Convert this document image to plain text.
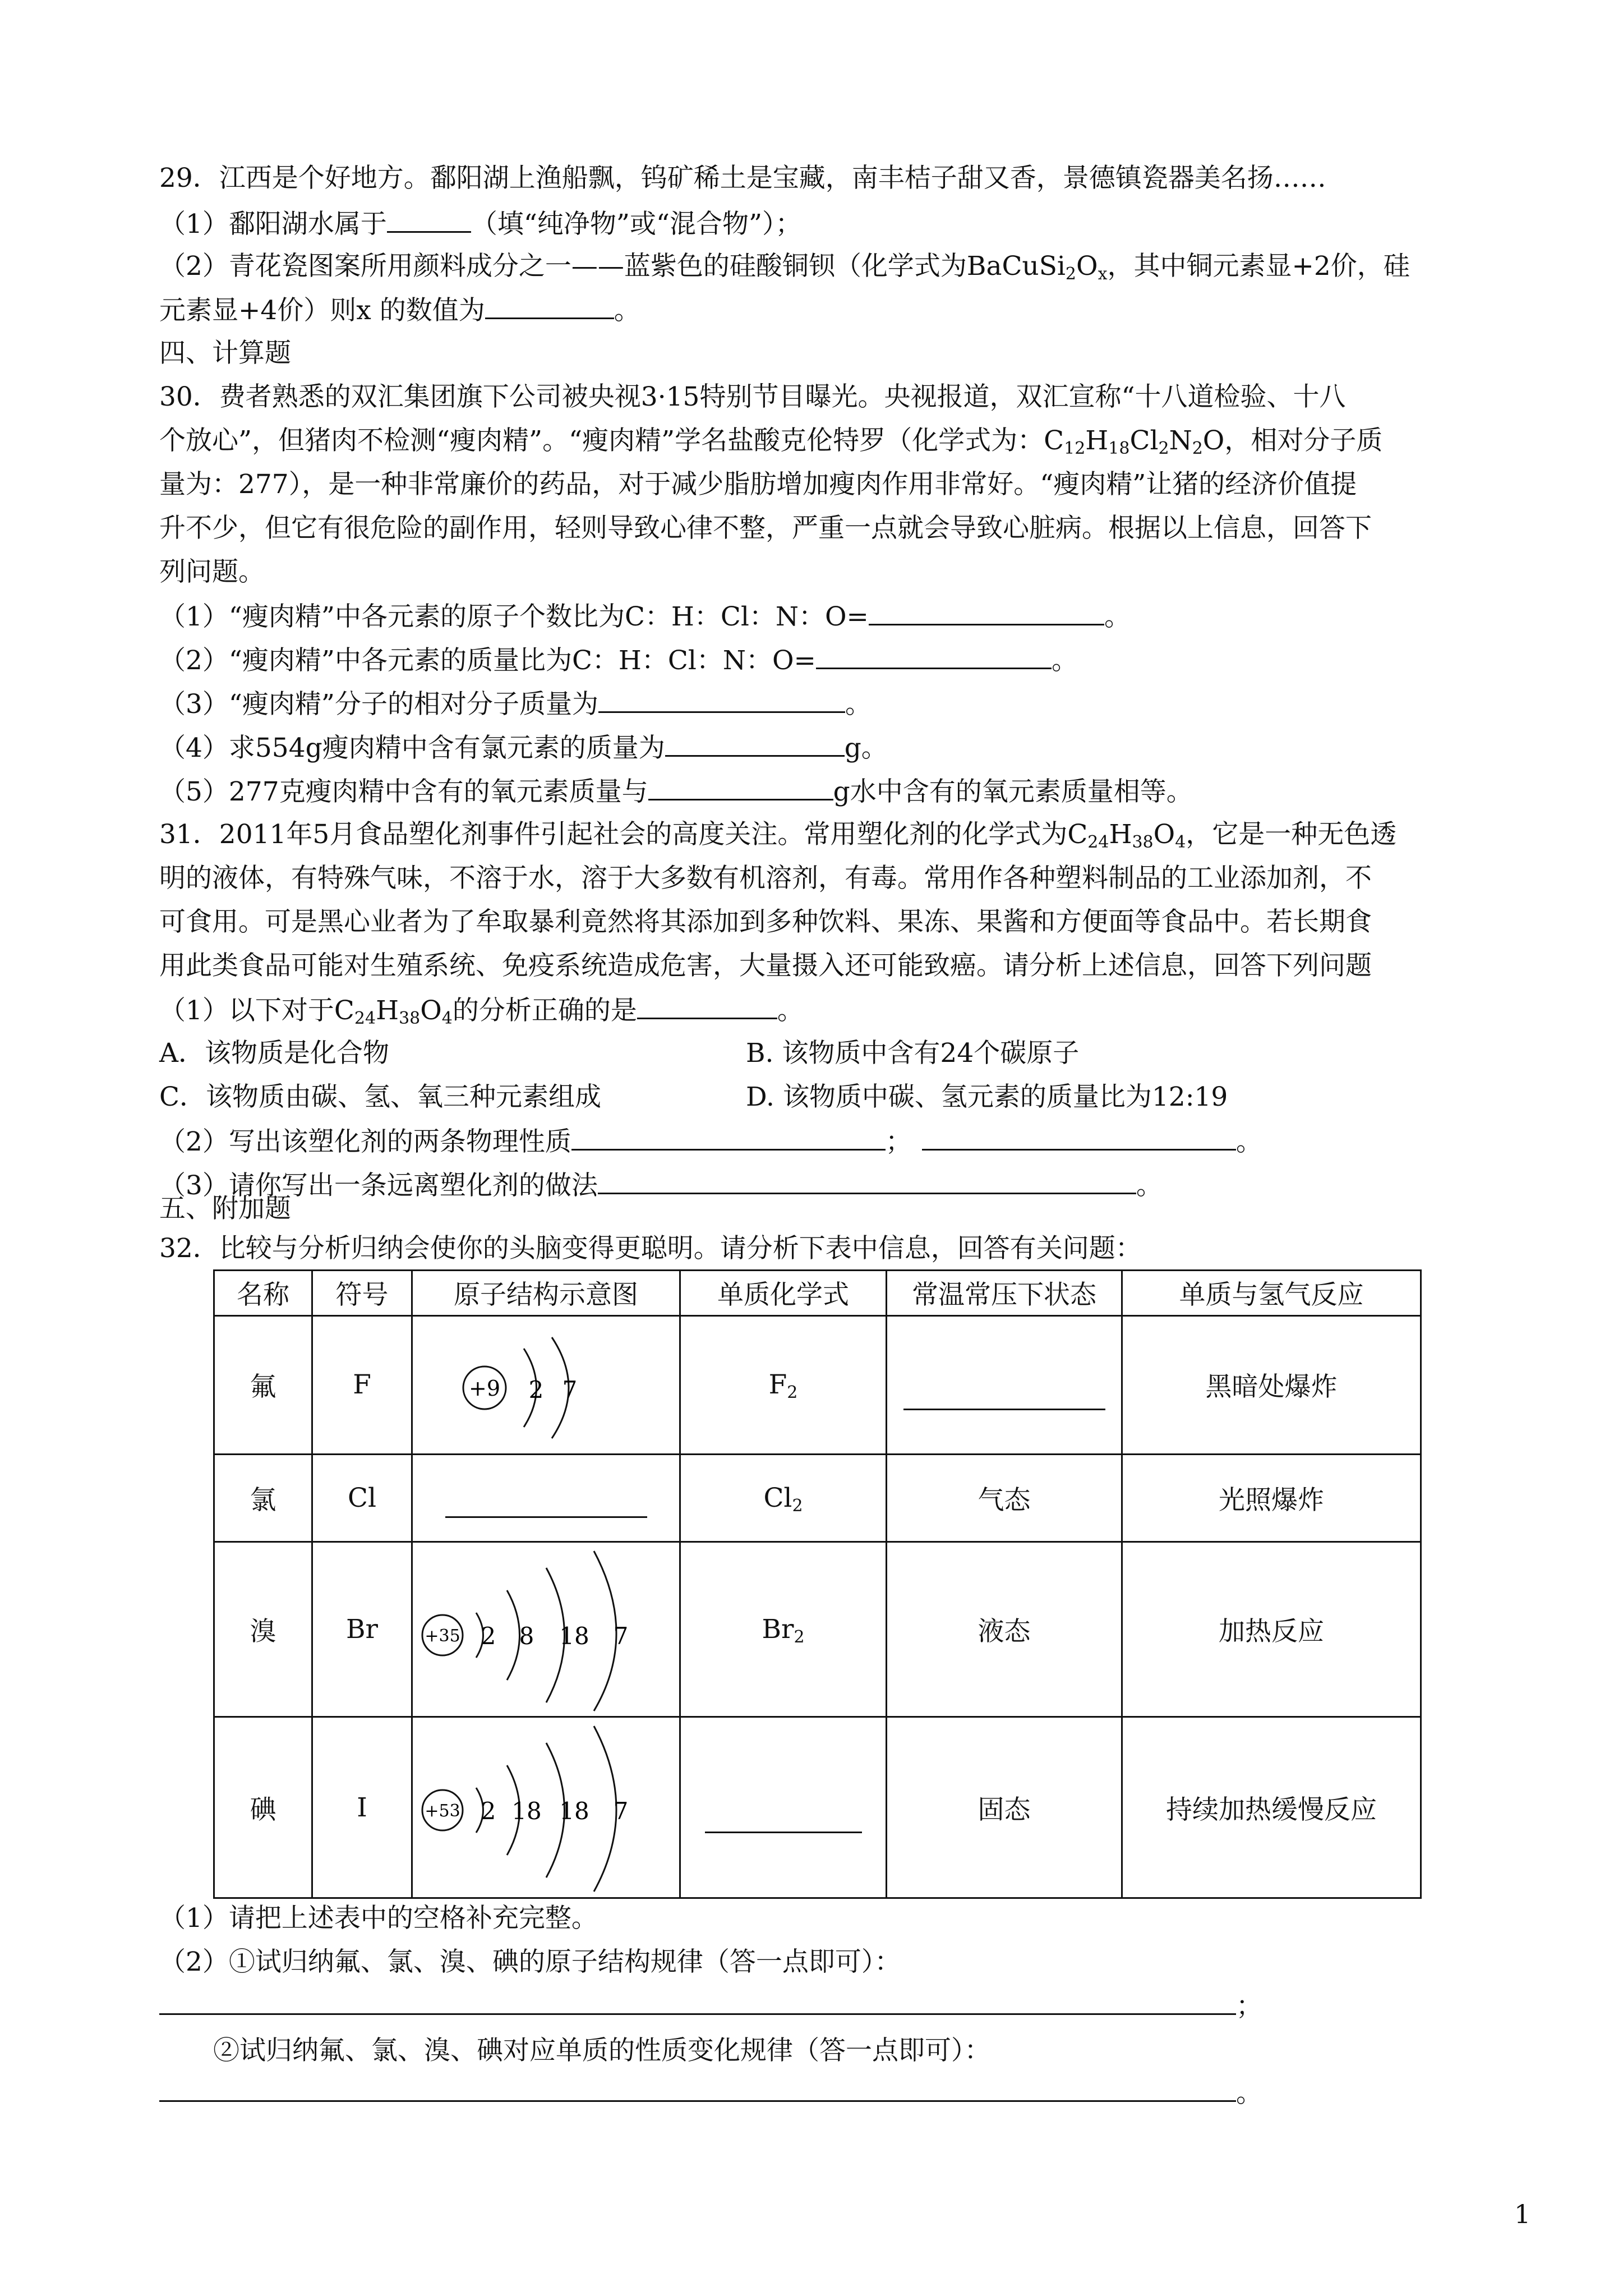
29．江西是个好地方。鄱阳湖上渔船飘，钨矿稀土是宝藏，南丰桔子甜又香，景德镇瓷器美名扬……
（1）鄱阳湖水属于	（填“纯净物”或“混合物”）；
（2）青花瓷图案所用颜料成分之一——蓝紫色的硅酸铜钡（化学式为$BaCuSi_2O_x$，其中铜元素显+2价，硅
元素显+4价）则x 的数值为	。
四、计算题
30．费者熟悉的双汇集团旗下公司被央视3·15特别节目曝光。央视报道，双汇宣称“十八道检验、十八
个放心”，但猪肉不检测“瘦肉精”。“瘦肉精”学名盐酸克伦特罗（化学式为：$C_{12}H_{18}Cl_2N_2O$，相对分子质
量为：277），是一种非常廉价的药品，对于减少脂肪增加瘦肉作用非常好。“瘦肉精”让猪的经济价值提
升不少，但它有很危险的副作用，轻则导致心律不整，严重一点就会导致心脏病。根据以上信息，回答下
列问题。
（1）“瘦肉精”中各元素的原子个数比为C：H：Cl：N：O=	。
（2）“瘦肉精”中各元素的质量比为C：H：Cl：N：O=	。
（3）“瘦肉精”分子的相对分子质量为	。
（4）求554g瘦肉精中含有氯元素的质量为	g。
（5）277克瘦肉精中含有的氧元素质量与	g水中含有的氧元素质量相等。
31．2011年5月食品塑化剂事件引起社会的高度关注。常用塑化剂的化学式为$C_{24}H_{38}O_4$，它是一种无色透
明的液体，有特殊气味，不溶于水，溶于大多数有机溶剂，有毒。常用作各种塑料制品的工业添加剂，不
可食用。可是黑心业者为了牟取暴利竟然将其添加到多种饮料、果冻、果酱和方便面等食品中。若长期食
用此类食品可能对生殖系统、免疫系统造成危害，大量摄入还可能致癌。请分析上述信息，回答下列问题
（1）以下对于$C_{24}H_{38}O_4$的分析正确的是	。
A．该物质是化合物	B. 该物质中含有24个碳原子
C．该物质由碳、氢、氧三种元素组成	D. 该物质中碳、氢元素的质量比为12:19
（2）写出该塑化剂的两条物理性质	；	。
（3）请你写出一条远离塑化剂的做法	。
五、附加题
32．比较与分析归纳会使你的头脑变得更聪明。请分析下表中信息，回答有关问题：
名称	符号	原子结构示意图	单质化学式	常温常压下状态	单质与氢气反应
氟	F	+9 2 7	$F_2$		黑暗处爆炸
氯	Cl		$Cl_2$	气态	光照爆炸
溴	Br	+35 2 8 18 7	$Br_2$	液态	加热反应
碘	I	+53 2 18 18 7		固态	持续加热缓慢反应
（1）请把上述表中的空格补充完整。
（2）①试归纳氟、氯、溴、碘的原子结构规律（答一点即可）：
；
②试归纳氟、氯、溴、碘对应单质的性质变化规律（答一点即可）：
。
1
